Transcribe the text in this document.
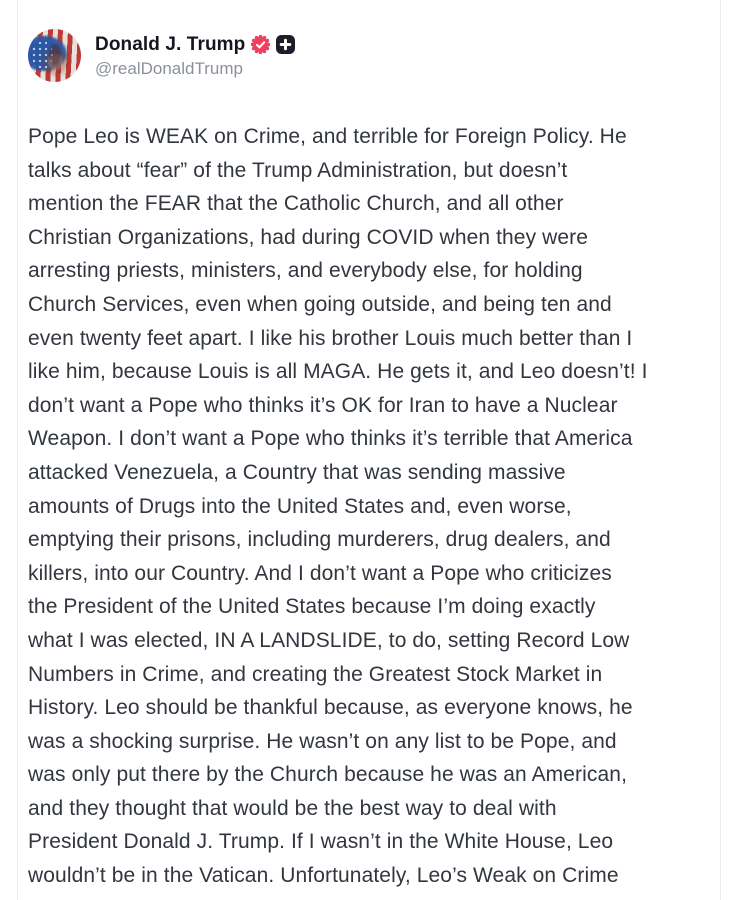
Donald J. Trump
@realDonaldTrump
Pope Leo is WEAK on Crime, and terrible for Foreign Policy. He
talks about “fear” of the Trump Administration, but doesn’t
mention the FEAR that the Catholic Church, and all other
Christian Organizations, had during COVID when they were
arresting priests, ministers, and everybody else, for holding
Church Services, even when going outside, and being ten and
even twenty feet apart. I like his brother Louis much better than I
like him, because Louis is all MAGA. He gets it, and Leo doesn’t! I
don’t want a Pope who thinks it’s OK for Iran to have a Nuclear
Weapon. I don’t want a Pope who thinks it’s terrible that America
attacked Venezuela, a Country that was sending massive
amounts of Drugs into the United States and, even worse,
emptying their prisons, including murderers, drug dealers, and
killers, into our Country. And I don’t want a Pope who criticizes
the President of the United States because I’m doing exactly
what I was elected, IN A LANDSLIDE, to do, setting Record Low
Numbers in Crime, and creating the Greatest Stock Market in
History. Leo should be thankful because, as everyone knows, he
was a shocking surprise. He wasn’t on any list to be Pope, and
was only put there by the Church because he was an American,
and they thought that would be the best way to deal with
President Donald J. Trump. If I wasn’t in the White House, Leo
wouldn’t be in the Vatican. Unfortunately, Leo’s Weak on Crime
